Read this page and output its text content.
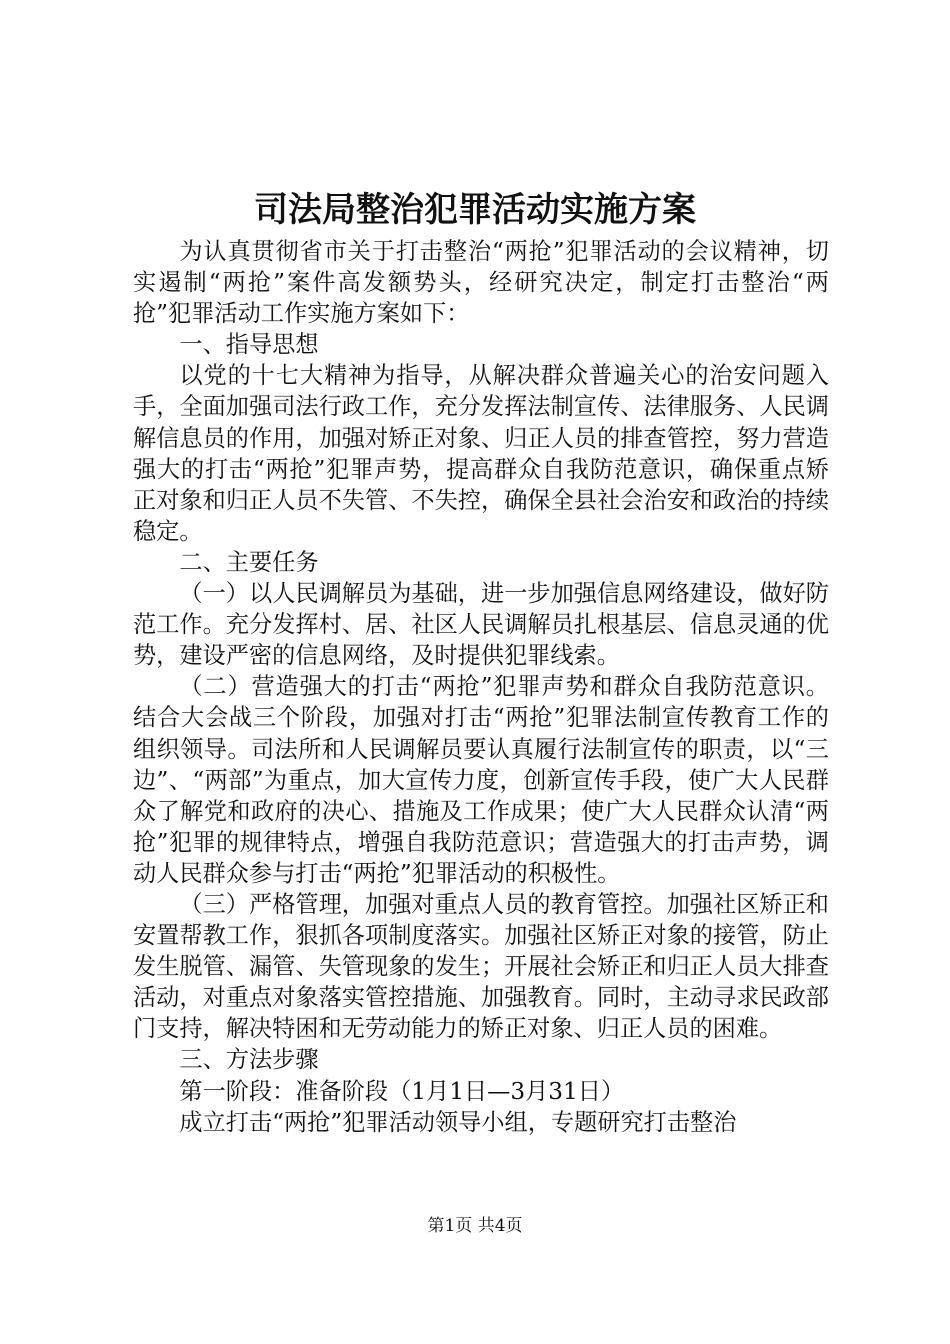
司法局整治犯罪活动实施方案

为认真贯彻省市关于打击整治“两抢”犯罪活动的会议精神，切实遏制“两抢”案件高发额势头，经研究决定，制定打击整治“两抢”犯罪活动工作实施方案如下：

一、指导思想

以党的十七大精神为指导，从解决群众普遍关心的治安问题入手，全面加强司法行政工作，充分发挥法制宣传、法律服务、人民调解信息员的作用，加强对矫正对象、归正人员的排查管控，努力营造强大的打击“两抢”犯罪声势，提高群众自我防范意识，确保重点矫正对象和归正人员不失管、不失控，确保全县社会治安和政治的持续稳定。

二、主要任务

（一）以人民调解员为基础，进一步加强信息网络建设，做好防范工作。充分发挥村、居、社区人民调解员扎根基层、信息灵通的优势，建设严密的信息网络，及时提供犯罪线索。

（二）营造强大的打击“两抢”犯罪声势和群众自我防范意识。结合大会战三个阶段，加强对打击“两抢”犯罪法制宣传教育工作的组织领导。司法所和人民调解员要认真履行法制宣传的职责，以“三边”、“两部”为重点，加大宣传力度，创新宣传手段，使广大人民群众了解党和政府的决心、措施及工作成果；使广大人民群众认清“两抢”犯罪的规律特点，增强自我防范意识；营造强大的打击声势，调动人民群众参与打击“两抢”犯罪活动的积极性。

（三）严格管理，加强对重点人员的教育管控。加强社区矫正和安置帮教工作，狠抓各项制度落实。加强社区矫正对象的接管，防止发生脱管、漏管、失管现象的发生；开展社会矫正和归正人员大排查活动，对重点对象落实管控措施、加强教育。同时，主动寻求民政部门支持，解决特困和无劳动能力的矫正对象、归正人员的困难。

三、方法步骤

第一阶段：准备阶段（1月1日—3月31日）

成立打击“两抢”犯罪活动领导小组，专题研究打击整治

第1页 共4页
